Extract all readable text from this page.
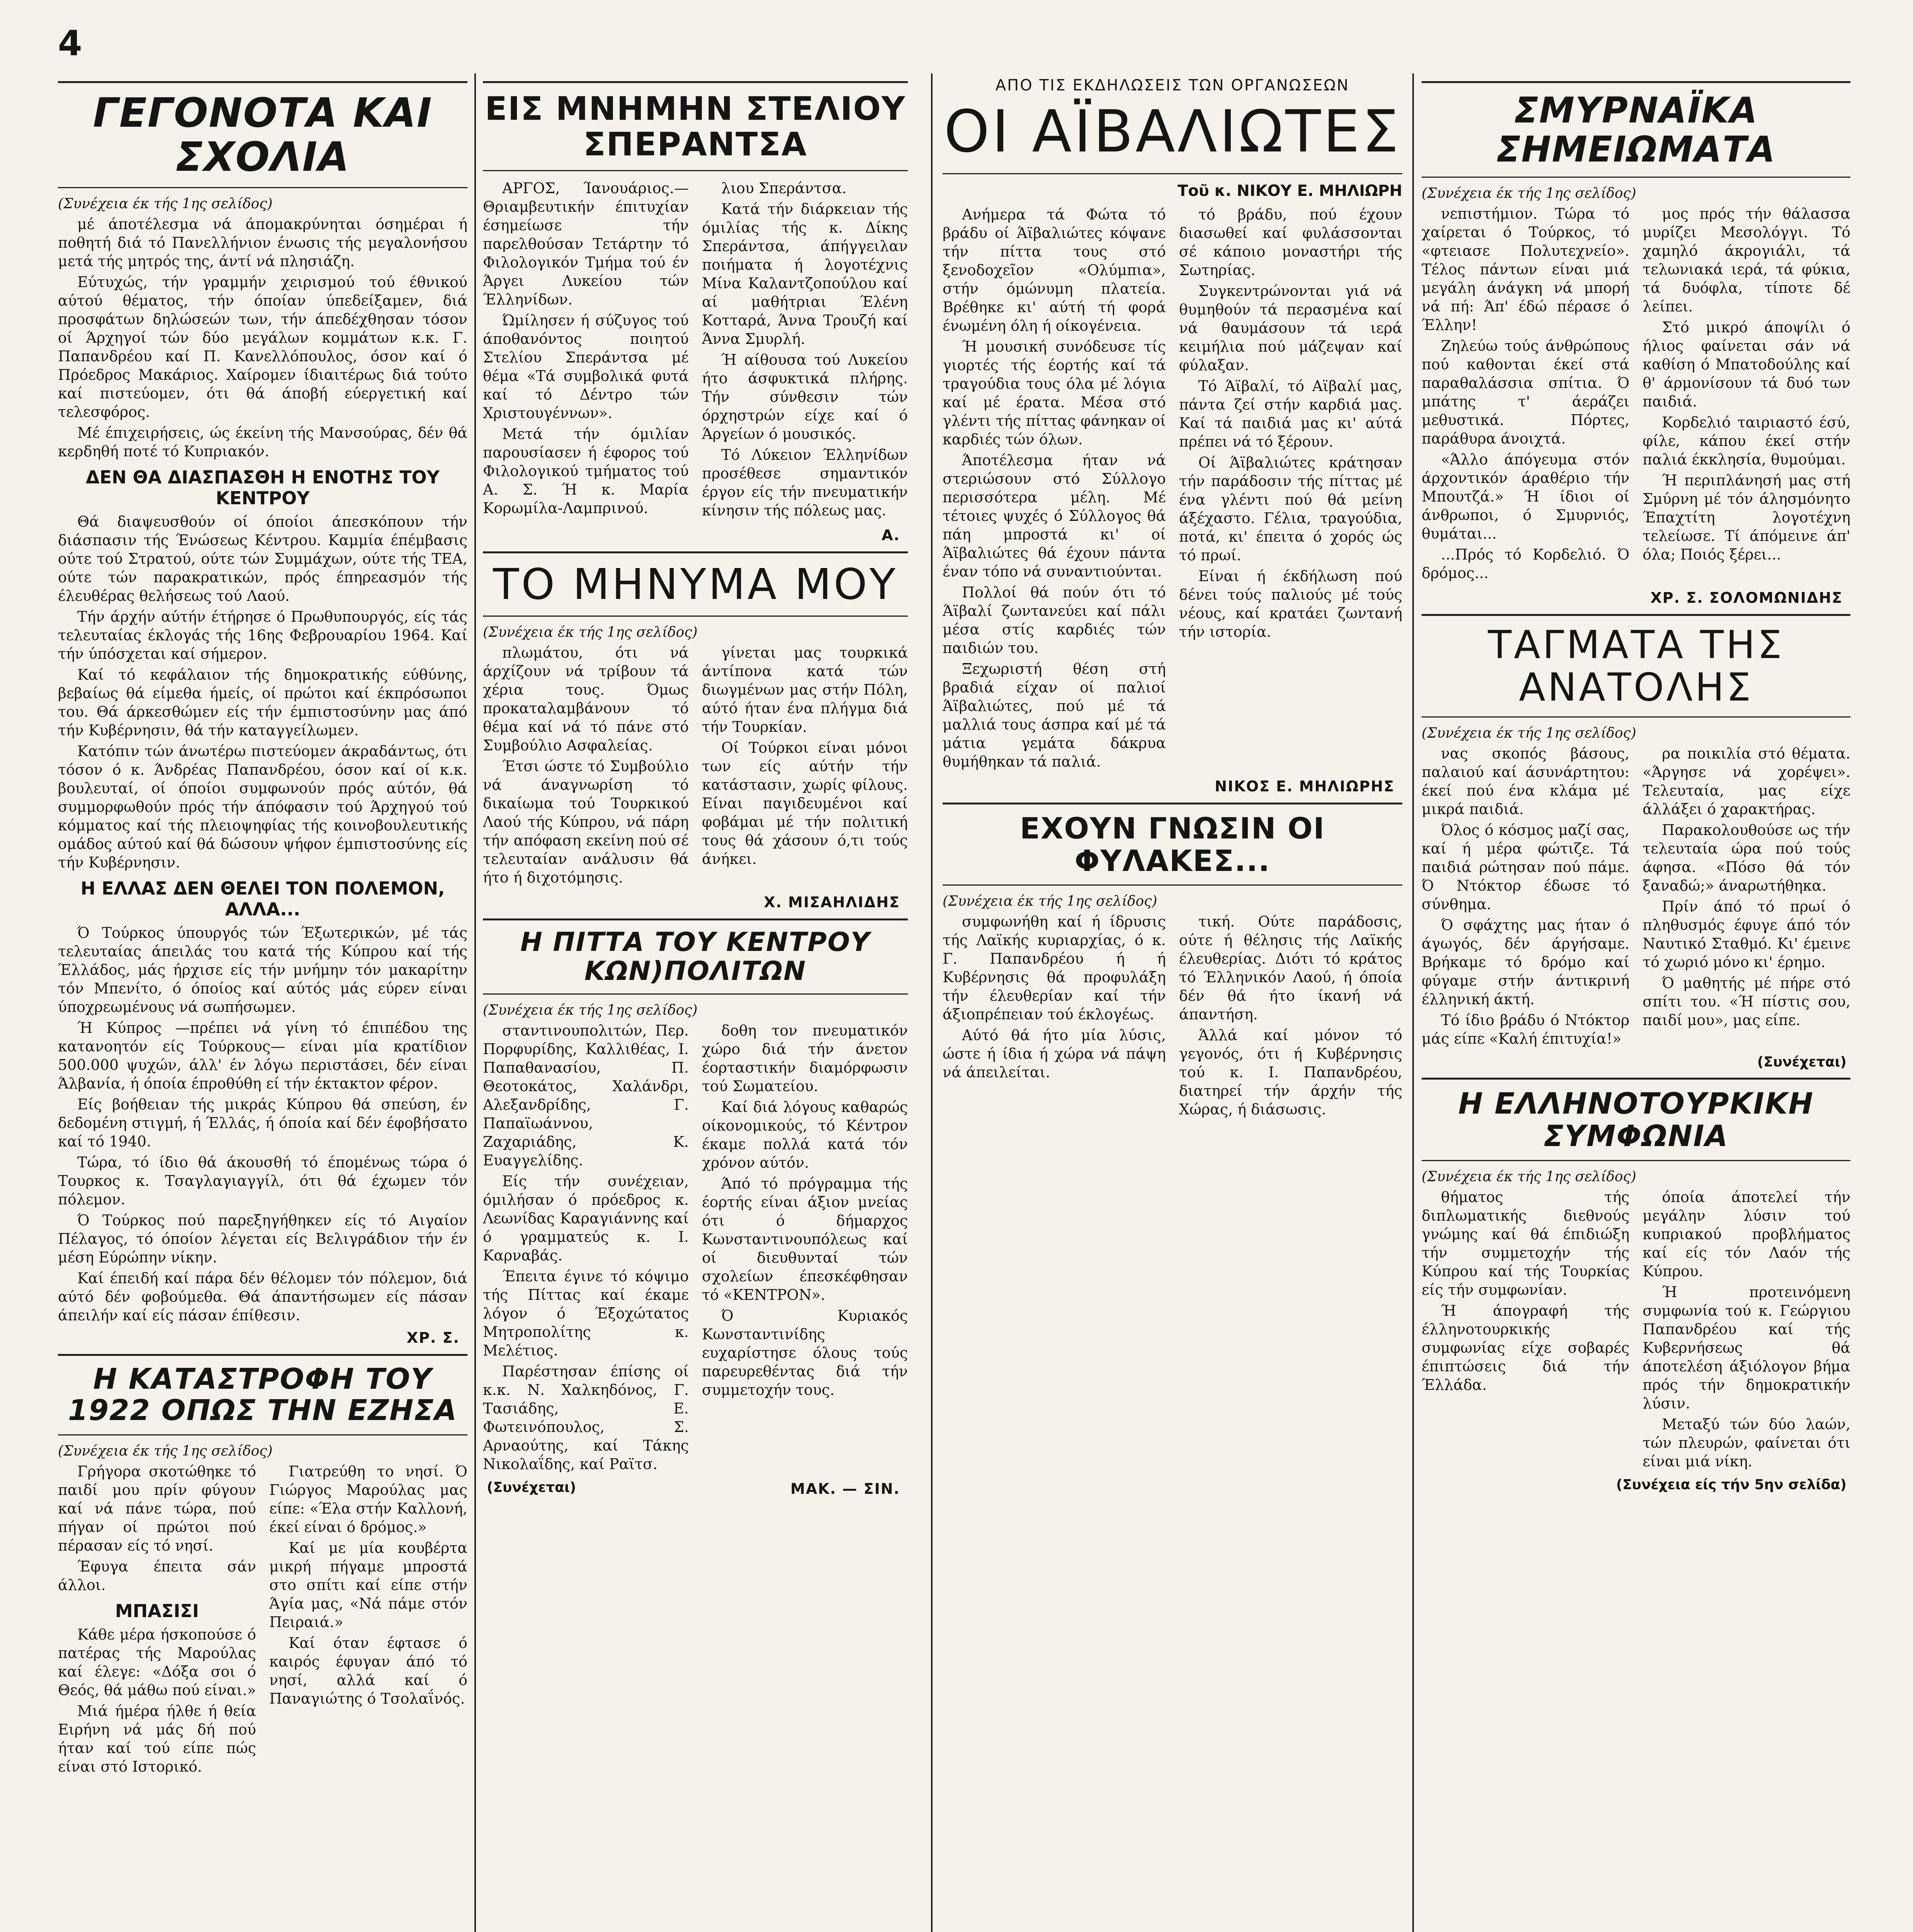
4
ΓΕΓΟΝΟΤΑ ΚΑΙ ΣΧΟΛΙΑ
(Συνέχεια έκ τής 1ης σελίδος)

μέ άποτέλεσμα νά άπομακρύνηται όσημέραι ή ποθητή διά τό Πανελλήνιον ένωσις τής μεγαλονήσου μετά τής μητρός της, άντί νά πλησιάζη.

Εύτυχώς, τήν γραμμήν χειρισμού τού έθνικού αύτού θέματος, τήν όποίαν ύπεδείξαμεν, διά προσφάτων δηλώσεών των, τήν άπεδέχθησαν τόσον οί Άρχηγοί τών δύο μεγάλων κομμάτων κ.κ. Γ. Παπανδρέου καί Π. Κανελλόπουλος, όσον καί ό Πρόεδρος Μακάριος. Χαίρομεν ίδιαιτέρως διά τούτο καί πιστεύομεν, ότι θά άποβή εύεργετική καί τελεσφόρος.

Μέ έπιχειρήσεις, ώς έκείνη τής Μανσούρας, δέν θά κερδηθή ποτέ τό Κυπριακόν.

ΔΕΝ ΘΑ ΔΙΑΣΠΑΣΘΗ Η ΕΝΟΤΗΣ ΤΟΥ ΚΕΝΤΡΟΥ

Θά διαψευσθούν οί όποίοι άπεσκόπουν τήν διάσπασιν τής Ένώσεως Κέντρου. Καμμία έπέμβασις ούτε τού Στρατού, ούτε τών Συμμάχων, ούτε τής ΤΕΑ, ούτε τών παρακρατικών, πρός έπηρεασμόν τής έλευθέρας θελήσεως τού Λαού.

Τήν άρχήν αύτήν έτήρησε ό Πρωθυπουργός, είς τάς τελευταίας έκλογάς τής 16ης Φεβρουαρίου 1964. Καί τήν ύπόσχεται καί σήμερον.

Καί τό κεφάλαιον τής δημοκρατικής εύθύνης, βεβαίως θά είμεθα ήμείς, οί πρώτοι καί έκπρόσωποι του. Θά άρκεσθώμεν είς τήν έμπιστοσύνην μας άπό τήν Κυβέρνησιν, θά τήν καταγγείλωμεν.

Κατόπιν τών άνωτέρω πιστεύομεν άκραδάντως, ότι τόσον ό κ. Άνδρέας Παπανδρέου, όσον καί οί κ.κ. βουλευταί, οί όποίοι συμφωνούν πρός αύτόν, θά συμμορφωθούν πρός τήν άπόφασιν τού Άρχηγού τού κόμματος καί τής πλειοψηφίας τής κοινοβουλευτικής ομάδος αύτού καί θά δώσουν ψήφον έμπιστοσύνης είς τήν Κυβέρνησιν.

Η ΕΛΛΑΣ ΔΕΝ ΘΕΛΕΙ ΤΟΝ ΠΟΛΕΜΟΝ, ΑΛΛΑ...

Ό Τούρκος ύπουργός τών Έξωτερικών, μέ τάς τελευταίας άπειλάς του κατά τής Κύπρου καί τής Έλλάδος, μάς ήρχισε είς τήν μνήμην τόν μακαρίτην τόν Μπενίτο, ό όποίος καί αύτός μάς εύρεν είναι ύποχρεωμένους νά σωπήσωμεν.

Ή Κύπρος —πρέπει νά γίνη τό έπιπέδου της κατανοητόν είς Τούρκους— είναι μία κρατίδιον 500.000 ψυχών, άλλ' έν λόγω περιστάσει, δέν είναι Άλβανία, ή όποία έπροθύθη εί τήν έκτακτον φέρον.

Είς βοήθειαν τής μικράς Κύπρου θά σπεύση, έν δεδομένη στιγμή, ή Έλλάς, ή όποία καί δέν έφοβήσατο καί τό 1940.

Τώρα, τό ίδιο θά άκουσθή τό έπομένως τώρα ό Τουρκος κ. Τσαγλαγιαγγίλ, ότι θά έχωμεν τόν πόλεμον.

Ό Τούρκος πού παρεξηγήθηκεν είς τό Αιγαίον Πέλαγος, τό όποίον λέγεται είς Βελιγράδιον τήν έν μέση Εύρώπην νίκην.

Καί έπειδή καί πάρα δέν θέλομεν τόν πόλεμον, διά αύτό δέν φοβούμεθα. Θά άπαντήσωμεν είς πάσαν άπειλήν καί είς πάσαν έπίθεσιν.

ΧΡ. Σ.
Η ΚΑΤΑΣΤΡΟΦΗ ΤΟΥ 1922 ΟΠΩΣ ΤΗΝ ΕΖΗΣΑ
(Συνέχεια έκ τής 1ης σελίδος)

Γρήγορα σκοτώθηκε τό παιδί μου πρίν φύγουν καί νά πάνε τώρα, πού πήγαν οί πρώτοι πού πέρασαν είς τό νησί.

Έφυγα έπειτα σάν άλλοι.

ΜΠΑΣΙΣΙ

Κάθε μέρα ήσκοπούσε ό πατέρας τής Μαρούλας καί έλεγε: «Δόξα σοι ό Θεός, θά μάθω πού είναι.»

Μιά ήμέρα ήλθε ή θεία Ειρήνη νά μάς δή πού ήταν καί τού είπε πώς είναι στό Ιστορικό.

Γιατρεύθη το νησί. Ό Γιώργος Μαρούλας μας είπε: «Έλα στήν Καλλονή, έκεί είναι ό δρόμος.»

Καί με μία κουβέρτα μικρή πήγαμε μπροστά στο σπίτι καί είπε στήν Άγία μας, «Νά πάμε στόν Πειραιά.»

Καί όταν έφτασε ό καιρός έφυγαν άπό τό νησί, αλλά καί ό Παναγιώτης ό Τσολαΐνός.

ΕΙΣ ΜΝΗΜΗΝ ΣΤΕΛΙΟΥ ΣΠΕΡΑΝΤΣΑ

ΑΡΓΟΣ, Ίανουάριος.— Θριαμβευτικήν έπιτυχίαν έσημείωσε τήν παρελθούσαν Τετάρτην τό Φιλολογικόν Τμήμα τού έν Άργει Λυκείου τών Έλληνίδων.

Ώμίλησεν ή σύζυγος τού άποθανόντος ποιητού Στελίου Σπεράντσα μέ θέμα «Τά συμβολικά φυτά καί τό Δέντρο τών Χριστουγέννων».

Μετά τήν όμιλίαν παρουσίασεν ή έφορος τού Φιλολογικού τμήματος τού Α. Σ. Ή κ. Μαρία Κορωμίλα-Λαμπρινού.

λιου Σπεράντσα.

Κατά τήν διάρκειαν τής όμιλίας τής κ. Δίκης Σπεράντσα, άπήγγειλαν ποιήματα ή λογοτέχνις Μίνα Καλαντζοπούλου καί αί μαθήτριαι Έλένη Κοτταρά, Άννα Τρουζή καί Άννα Σμυρλή.

Ή αίθουσα τού Λυκείου ήτο άσφυκτικά πλήρης. Τήν σύνθεσιν τών όρχηστρών είχε καί ό Άργείων ό μουσικός.

Τό Λύκειον Έλληνίδων προσέθεσε σημαντικόν έργον είς τήν πνευματικήν κίνησιν τής πόλεως μας.

Α.
ΤΟ ΜΗΝΥΜΑ ΜΟΥ
(Συνέχεια έκ τής 1ης σελίδος)

πλωμάτου, ότι νά άρχίζουν νά τρίβουν τά χέρια τους. Όμως προκαταλαμβάνουν τό θέμα καί νά τό πάνε στό Συμβούλιο Ασφαλείας.

Έτσι ώστε τό Συμβούλιο νά άναγνωρίση τό δικαίωμα τού Τουρκικού Λαού τής Κύπρου, νά πάρη τήν απόφαση εκείνη πού σέ τελευταίαν ανάλυσιν θά ήτο ή διχοτόμησις.

γίνεται μας τουρκικά άντίπονα κατά τών διωγμένων μας στήν Πόλη, αύτό ήταν ένα πλήγμα διά τήν Τουρκίαν.

Οί Τούρκοι είναι μόνοι των είς αύτήν τήν κατάστασιν, χωρίς φίλους. Είναι παγιδευμένοι καί φοβάμαι μέ τήν πολιτική τους θά χάσουν ό,τι τούς άνήκει.

Χ. ΜΙΣΑΗΛΙΔΗΣ
Η ΠΙΤΤΑ ΤΟΥ ΚΕΝΤΡΟΥ ΚΩΝ)ΠΟΛΙΤΩΝ
(Συνέχεια έκ τής 1ης σελίδος)

σταντινουπολιτών, Περ. Πορφυρίδης, Καλλιθέας, Ι. Παπαθανασίου, Π. Θεοτοκάτος, Χαλάνδρι, Αλεξανδρίδης, Γ. Παπαϊωάννου, Ζαχαριάδης, Κ. Ευαγγελίδης.

Είς τήν συνέχειαν, όμιλήσαν ό πρόεδρος κ. Λεωνίδας Καραγιάννης καί ό γραμματεύς κ. Ι. Καρναβάς.

Έπειτα έγινε τό κόψιμο τής Πίττας καί έκαμε λόγον ό Έξοχώτατος Μητροπολίτης κ. Μελέτιος.

Παρέστησαν έπίσης οί κ.κ. Ν. Χαλκηδόνος, Γ. Τασιάδης, Ε. Φωτεινόπουλος, Σ. Αρναούτης, καί Τάκης Νικολαΐδης, καί Ραϊτσ.

δοθη τον πνευματικόν χώρο διά τήν άνετον έορταστικήν διαμόρφωσιν τού Σωματείου.

Καί διά λόγους καθαρώς οίκονομικούς, τό Κέντρον έκαμε πολλά κατά τόν χρόνον αύτόν.

Άπό τό πρόγραμμα τής έορτής είναι άξιον μνείας ότι ό δήμαρχος Κωνσταντινουπόλεως καί οί διευθυνταί τών σχολείων έπεσκέφθησαν τό «ΚΕΝΤΡΟΝ».

Ό Κυριακός Κωνσταντινίδης ευχαρίστησε όλους τούς παρευρεθέντας διά τήν συμμετοχήν τους.

(Συνέχεται)	ΜΑΚ. — ΣΙΝ.
ΑΠΟ ΤΙΣ ΕΚΔΗΛΩΣΕΙΣ ΤΩΝ ΟΡΓΑΝΩΣΕΩΝ
ΟΙ ΑΪΒΑΛΙΩΤΕΣ
Τοῦ κ. ΝΙΚΟΥ Ε. ΜΗΛΙΩΡΗ

Ανήμερα τά Φώτα τό βράδυ οί Άϊβαλιώτες κόψανε τήν πίττα τους στό ξενοδοχεῖον «Ολύμπια», στήν όμώνυμη πλατεία. Βρέθηκε κι' αύτή τή φορά ένωμένη όλη ή οίκογένεια.

Ή μουσική συνόδευσε τίς γιορτές τής έορτής καί τά τραγούδια τους όλα μέ λόγια καί μέ έρατα. Μέσα στό γλέντι τής πίττας φάνηκαν οί καρδιές τών όλων.

Άποτέλεσμα ήταν νά στεριώσουν στό Σύλλογο περισσότερα μέλη. Μέ τέτοιες ψυχές ό Σύλλογος θά πάη μπροστά κι' οί Άϊβαλιώτες θά έχουν πάντα έναν τόπο νά συναντιούνται.

Πολλοί θά πούν ότι τό Άϊβαλί ζωντανεύει καί πάλι μέσα στίς καρδιές τών παιδιών του.

Ξεχωριστή θέση στή βραδιά είχαν οί παλιοί Άϊβαλιώτες, πού μέ τά μαλλιά τους άσπρα καί μέ τά μάτια γεμάτα δάκρυα θυμήθηκαν τά παλιά.

τό βράδυ, πού έχουν διασωθεί καί φυλάσσονται σέ κάποιο μοναστήρι τής Σωτηρίας.

Συγκεντρώνονται γιά νά θυμηθούν τά περασμένα καί νά θαυμάσουν τά ιερά κειμήλια πού μάζεψαν καί φύλαξαν.

Τό Άϊβαλί, τό Αϊβαλί μας, πάντα ζεί στήν καρδιά μας. Καί τά παιδιά μας κι' αύτά πρέπει νά τό ξέρουν.

Οί Άϊβαλιώτες κράτησαν τήν παράδοσιν τής πίττας μέ ένα γλέντι πού θά μείνη άξέχαστο. Γέλια, τραγούδια, ποτά, κι' έπειτα ό χορός ώς τό πρωί.

Είναι ή έκδήλωση πού δένει τούς παλιούς μέ τούς νέους, καί κρατάει ζωντανή τήν ιστορία.

ΝΙΚΟΣ Ε. ΜΗΛΙΩΡΗΣ
ΕΧΟΥΝ ΓΝΩΣΙΝ ΟΙ ΦΥΛΑΚΕΣ...
(Συνέχεια έκ τής 1ης σελίδος)

συμφωνήθη καί ή ίδρυσις τής Λαϊκής κυριαρχίας, ό κ. Γ. Παπανδρέου ή ή Κυβέρνησις θά προφυλάξη τήν έλευθερίαν καί τήν άξιοπρέπειαν τού έκλογέως.

Αύτό θά ήτο μία λύσις, ώστε ή ίδια ή χώρα νά πάψη νά άπειλείται.

τική. Ούτε παράδοσις, ούτε ή θέλησις τής Λαϊκής έλευθερίας. Διότι τό κράτος τό Έλληνικόν Λαού, ή όποία δέν θά ήτο ίκανή νά άπαντήση.

Άλλά καί μόνον τό γεγονός, ότι ή Κυβέρνησις τού κ. Ι. Παπανδρέου, διατηρεί τήν άρχήν τής Χώρας, ή διάσωσις.

ΣΜΥΡΝΑΪΚΑ ΣΗΜΕΙΩΜΑΤΑ
(Συνέχεια έκ τής 1ης σελίδος)

νεπιστήμιον. Τώρα τό χαίρεται ό Τούρκος, τό «φτειασε Πολυτεχνείο». Τέλος πάντων είναι μιά μεγάλη άνάγκη νά μπορή νά πή: Άπ' έδώ πέρασε ό Έλλην!

Ζηλεύω τούς άνθρώπους πού καθονται έκεί στά παραθαλάσσια σπίτια. Ό μπάτης τ' άεράζει μεθυστικά. Πόρτες, παράθυρα άνοιχτά.

«Άλλο άπόγευμα στόν άρχοντικόν άραθέριο τήν Μπουτζά.» Ή ίδιοι οί άνθρωποι, ό Σμυρνιός, θυμάται...

...Πρός τό Κορδελιό. Ό δρόμος...

μος πρός τήν θάλασσα μυρίζει Μεσολόγγι. Τό χαμηλό άκρογιάλι, τά τελωνιακά ιερά, τά φύκια, τά δυόφλα, τίποτε δέ λείπει.

Στό μικρό άποψίλι ό ήλιος φαίνεται σάν νά καθίση ό Μπατοδούλης καί θ' άρμονίσουν τά δυό των παιδιά.

Κορδελιό ταιριαστό έσύ, φίλε, κάπου έκεί στήν παλιά έκκλησία, θυμούμαι.

Ή περιπλάνησή μας στή Σμύρνη μέ τόν άλησμόνητο Έπαχτίτη λογοτέχνη τελείωσε. Τί άπόμεινε άπ' όλα; Ποιός ξέρει...

ΧΡ. Σ. ΣΟΛΟΜΩΝΙΔΗΣ
ΤΑΓΜΑΤΑ ΤΗΣ ΑΝΑΤΟΛΗΣ
(Συνέχεια έκ τής 1ης σελίδος)

νας σκοπός βάσους, παλαιού καί άσυνάρτητου: έκεί πού ένα κλάμα μέ μικρά παιδιά.

Όλος ό κόσμος μαζί σας, καί ή μέρα φώτιζε. Τά παιδιά ρώτησαν πού πάμε. Ό Ντόκτορ έδωσε τό σύνθημα.

Ό σφάχτης μας ήταν ό άγωγός, δέν άργήσαμε. Βρήκαμε τό δρόμο καί φύγαμε στήν άντικρινή έλληνική άκτή.

Τό ίδιο βράδυ ό Ντόκτορ μάς είπε «Καλή έπιτυχία!»

ρα ποικιλία στό θέματα. «Άργησε νά χορέψει». Τελευταία, μας είχε άλλάξει ό χαρακτήρας.

Παρακολουθούσε ως τήν τελευταία ώρα πού τούς άφησα. «Πόσο θά τόν ξαναδώ;» άναρωτήθηκα.

Πρίν άπό τό πρωί ό πληθυσμός έφυγε άπό τόν Ναυτικό Σταθμό. Κι' έμεινε τό χωριό μόνο κι' έρημο.

Ό μαθητής μέ πήρε στό σπίτι του. «Ή πίστις σου, παιδί μου», μας είπε.

(Συνέχεται)
Η ΕΛΛΗΝΟΤΟΥΡΚΙΚΗ ΣΥΜΦΩΝΙΑ
(Συνέχεια έκ τής 1ης σελίδος)

θήματος τής διπλωματικής διεθνούς γνώμης καί θά έπιδιώξη τήν συμμετοχήν τής Κύπρου καί τής Τουρκίας είς τήν συμφωνίαν.

Ή άπογραφή τής έλληνοτουρκικής συμφωνίας είχε σοβαρές έπιπτώσεις διά τήν Έλλάδα.

όποία άποτελεί τήν μεγάλην λύσιν τού κυπριακού προβλήματος καί είς τόν Λαόν τής Κύπρου.

Ή προτεινόμενη συμφωνία τού κ. Γεώργιου Παπανδρέου καί τής Κυβερνήσεως θά άποτελέση άξιόλογον βήμα πρός τήν δημοκρατικήν λύσιν.

Μεταξύ τών δύο λαών, τών πλευρών, φαίνεται ότι είναι μιά νίκη.

(Συνέχεια είς τήν 5ην σελίδα)
